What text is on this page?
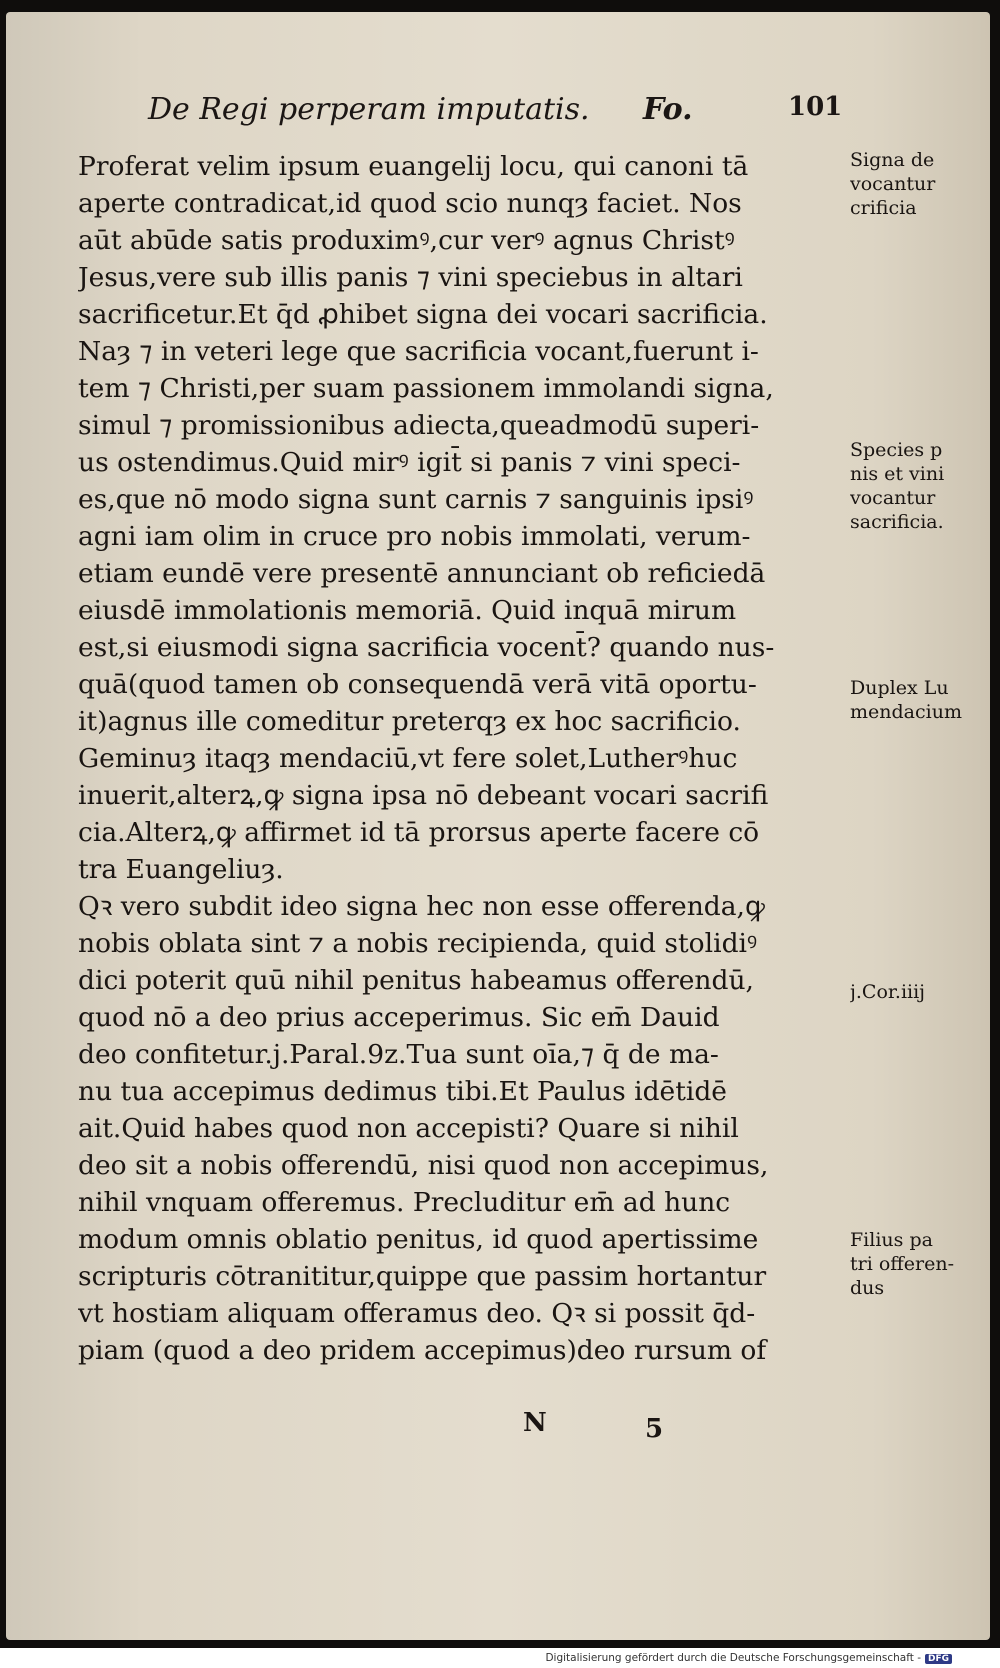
De Regi perperam imputatis. Fo.	101
Proferat velim ipsum euangelij locu, qui canoni tā
aperte contradicat,id quod scio nunqȝ faciet. Nos
aūt abūde satis produximꝰ,cur verꝰ agnus Christꝰ
Jesus,vere sub illis panis ⁊ vini speciebus in altari
sacrificetur.Et q̄d ꝓhibet signa dei vocari sacrificia.
Naȝ ⁊ in veteri lege que sacrificia vocant,fuerunt i-
tem ⁊ Christi,per suam passionem immolandi signa,
simul ⁊ promissionibus adiecta,queadmodū superi-
us ostendimus.Quid mirꝰ igit̄ si panis ⁊ vini speci-
es,que nō modo signa sunt carnis ⁊ sanguinis ipsiꝰ
agni iam olim in cruce pro nobis immolati, verum-
etiam eundē vere presentē annunciant ob reficiedā
eiusdē immolationis memoriā. Quid inquā mirum
est,si eiusmodi signa sacrificia vocent̄? quando nus-
quā(quod tamen ob consequendā verā vitā oportu-
it)agnus ille comeditur preterqȝ ex hoc sacrificio.
Geminuȝ itaqȝ mendaciū,vt fere solet,Lutherꝰhuc
inuerit,alterꝝ,ꝙ signa ipsa nō debeant vocari sacrifi
cia.Alterꝝ,ꝙ affirmet id tā prorsus aperte facere cō
tra Euangeliuȝ.
Qꝛ vero subdit ideo signa hec non esse offerenda,ꝙ
nobis oblata sint ⁊ a nobis recipienda, quid stolidiꝰ
dici poterit quū nihil penitus habeamus offerendū,
quod nō a deo prius acceperimus. Sic em̄ Dauid
deo confitetur.j.Paral.9z.Tua sunt oīa,⁊ q̄ de ma-
nu tua accepimus dedimus tibi.Et Paulus idētidē
ait.Quid habes quod non accepisti? Quare si nihil
deo sit a nobis offerendū, nisi quod non accepimus,
nihil vnquam offeremus. Precluditur em̄ ad hunc
modum omnis oblatio penitus, id quod apertissime
scripturis cōtranititur,quippe que passim hortantur
vt hostiam aliquam offeramus deo. Qꝛ si possit q̄d-
piam (quod a deo pridem accepimus)deo rursum of
Signa de
vocantur
crificia
Species p
nis et vini
vocantur
sacrificia.
Duplex Lu
mendacium
j.Cor.iiij
Filius pa
tri offeren-
dus
N	5
Digitalisierung gefördert durch die Deutsche Forschungsgemeinschaft - DFG
